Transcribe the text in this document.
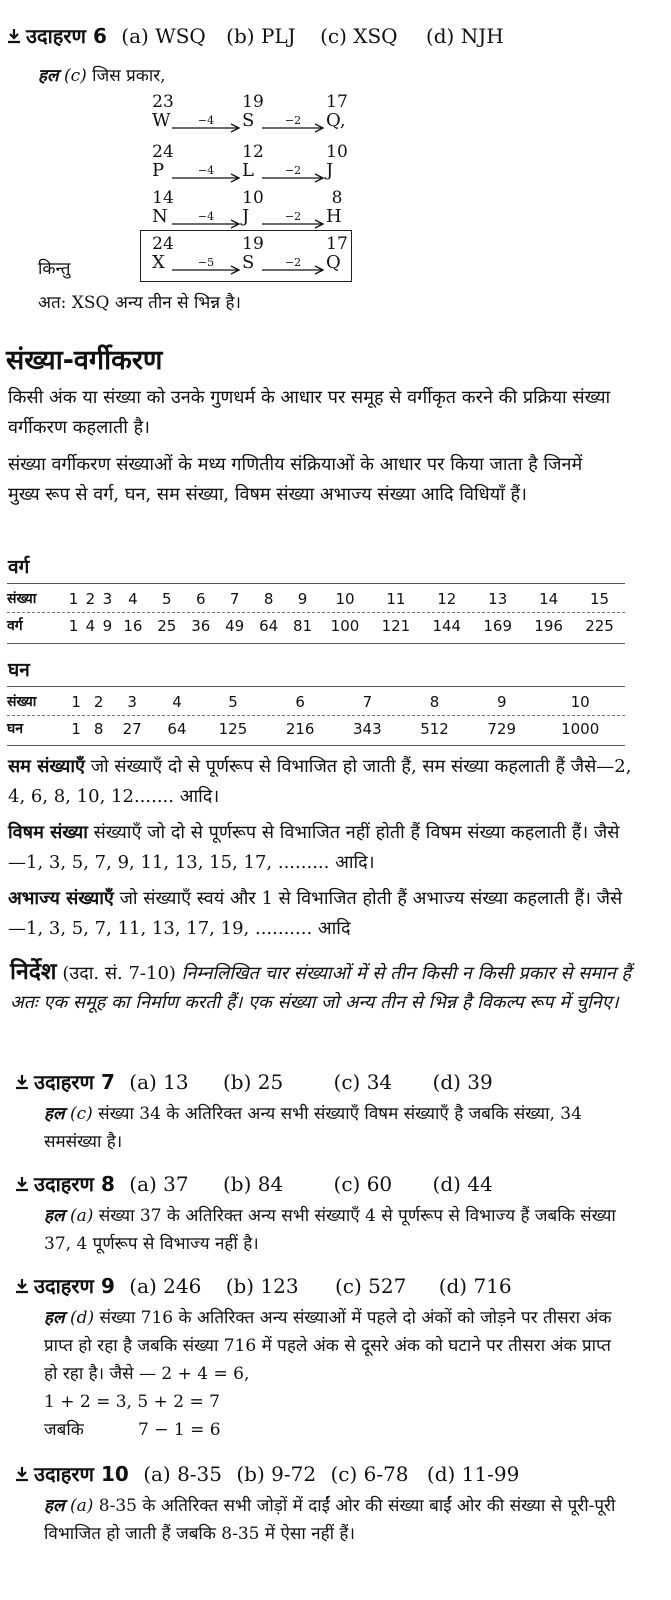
उदाहरण 6 (a) WSQ (b) PLJ (c) XSQ (d) NJH
हल (c) जिस प्रकार,
23
W
19
S
17
Q,
−4	−2
24
P
12
L
10
J
−4	−2
14
N
10
J
8
H
−4	−2
24
X
19
S
17
Q
−5	−2
किन्तु
अत: XSQ अन्य तीन से भिन्न है।
संख्या-वर्गीकरण
किसी अंक या संख्या को उनके गुणधर्म के आधार पर समूह से वर्गीकृत करने की प्रक्रिया संख्या वर्गीकरण कहलाती है।
संख्या वर्गीकरण संख्याओं के मध्य गणितीय संक्रियाओं के आधार पर किया जाता है जिनमें मुख्य रूप से वर्ग, घन, सम संख्या, विषम संख्या अभाज्य संख्या आदि विधियाँ हैं।
वर्ग
संख्या	1	2	3	4	5	6	7	8	9	10	11	12	13	14	15
वर्ग	1	4	9	16	25	36	49	64	81	100	121	144	169	196	225
घन
संख्या	1	2	3	4	5	6	7	8	9	10
घन	1	8	27	64	125	216	343	512	729	1000
सम संख्याएँ जो संख्याएँ दो से पूर्णरूप से विभाजित हो जाती हैं, सम संख्या कहलाती हैं जैसे—2, 4, 6, 8, 10, 12....... आदि।
विषम संख्या संख्याएँ जो दो से पूर्णरूप से विभाजित नहीं होती हैं विषम संख्या कहलाती हैं। जैसे—1, 3, 5, 7, 9, 11, 13, 15, 17, ......... आदि।
अभाज्य संख्याएँ जो संख्याएँ स्वयं और 1 से विभाजित होती हैं अभाज्य संख्या कहलाती हैं। जैसे—1, 3, 5, 7, 11, 13, 17, 19, .......... आदि
निर्देश (उदा. सं. 7-10) निम्नलिखित चार संख्याओं में से तीन किसी न किसी प्रकार से समान हैं अतः एक समूह का निर्माण करती हैं। एक संख्या जो अन्य तीन से भिन्न है विकल्प रूप में चुनिए।
उदाहरण 7 (a) 13 (b) 25	(c) 34 (d) 39
हल (c) संख्या 34 के अतिरिक्त अन्य सभी संख्याएँ विषम संख्याएँ है जबकि संख्या, 34 समसंख्या है।
उदाहरण 8 (a) 37 (b) 84	(c) 60 (d) 44
हल (a) संख्या 37 के अतिरिक्त अन्य सभी संख्याएँ 4 से पूर्णरूप से विभाज्य हैं जबकि संख्या 37, 4 पूर्णरूप से विभाज्य नहीं है।
उदाहरण 9 (a) 246 (b) 123 (c) 527 (d) 716
हल (d) संख्या 716 के अतिरिक्त अन्य संख्याओं में पहले दो अंकों को जोड़ने पर तीसरा अंक प्राप्त हो रहा है जबकि संख्या 716 में पहले अंक से दूसरे अंक को घटाने पर तीसरा अंक प्राप्त हो रहा है। जैसे — 2 + 4 = 6,
1 + 2 = 3, 5 + 2 = 7
जबकि	7 − 1 = 6
उदाहरण 10 (a) 8-35 (b) 9-72 (c) 6-78 (d) 11-99
हल (a) 8-35 के अतिरिक्त सभी जोड़ों में दाईं ओर की संख्या बाईं ओर की संख्या से पूरी-पूरी विभाजित हो जाती हैं जबकि 8-35 में ऐसा नहीं हैं।
